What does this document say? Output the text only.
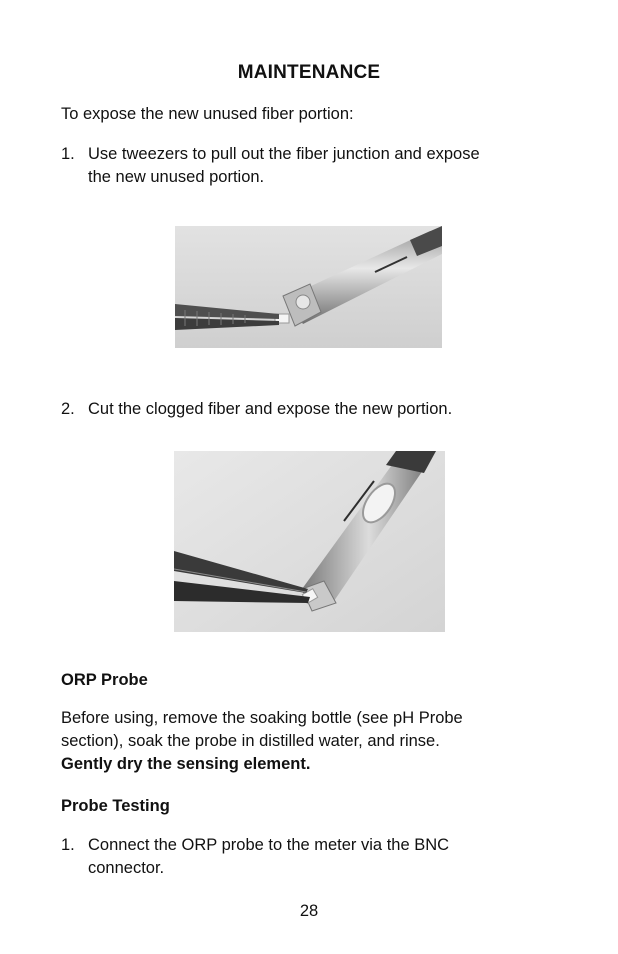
MAINTENANCE
To expose the new unused fiber portion:
1. Use tweezers to pull out the fiber junction and expose
the new unused portion.
2. Cut the clogged fiber and expose the new portion.
ORP Probe
Before using, remove the soaking bottle (see pH Probe
section), soak the probe in distilled water, and rinse.
Gently dry the sensing element.
Probe Testing
1. Connect the ORP probe to the meter via the BNC
connector.
28
